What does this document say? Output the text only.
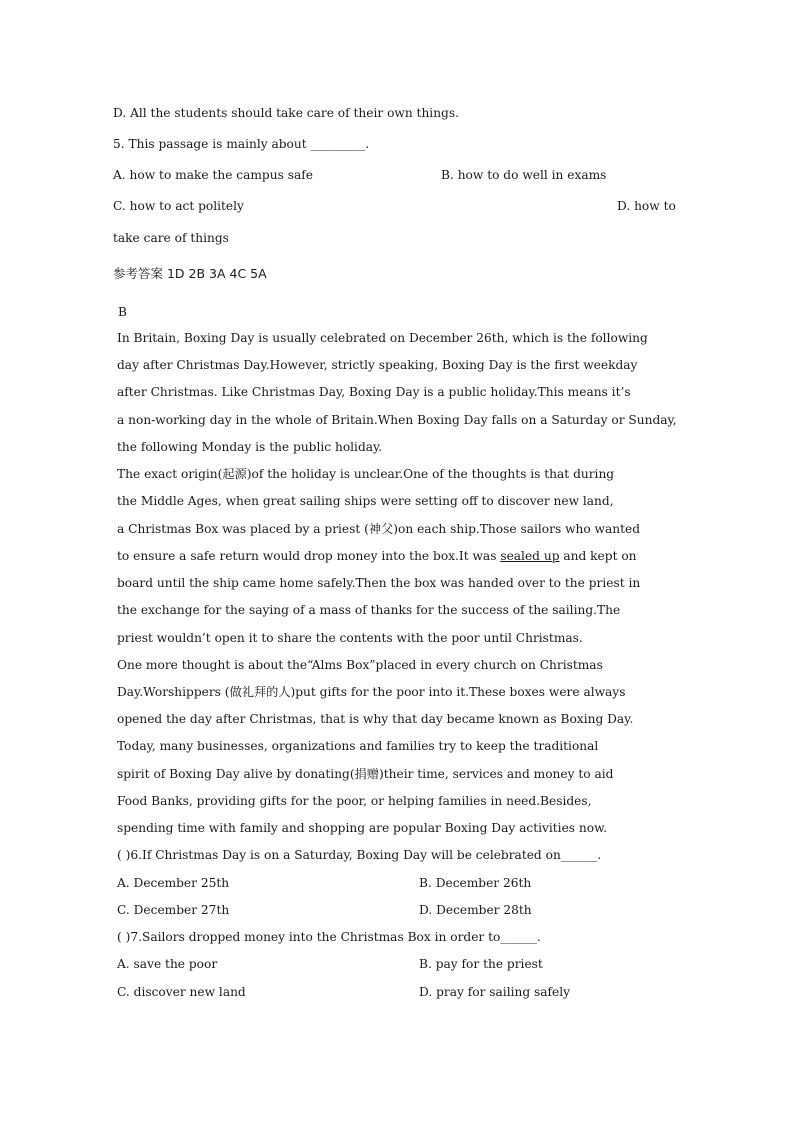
D. All the students should take care of their own things.
5. This passage is mainly about _________.
A. how to make the campus safe	B. how to do well in exams
C. how to act politely	D. how to
take care of things
参考答案 1D 2B 3A 4C 5A
B
In Britain, Boxing Day is usually celebrated on December 26th, which is the following
day after Christmas Day.However, strictly speaking, Boxing Day is the first weekday
after Christmas. Like Christmas Day, Boxing Day is a public holiday.This means it’s
a non-working day in the whole of Britain.When Boxing Day falls on a Saturday or Sunday,
the following Monday is the public holiday.
The exact origin(起源)of the holiday is unclear.One of the thoughts is that during
the Middle Ages, when great sailing ships were setting off to discover new land,
a Christmas Box was placed by a priest (神父)on each ship.Those sailors who wanted
to ensure a safe return would drop money into the box.It was sealed up and kept on
board until the ship came home safely.Then the box was handed over to the priest in
the exchange for the saying of a mass of thanks for the success of the sailing.The
priest wouldn’t open it to share the contents with the poor until Christmas.
One more thought is about the“Alms Box”placed in every church on Christmas
Day.Worshippers (做礼拜的人)put gifts for the poor into it.These boxes were always
opened the day after Christmas, that is why that day became known as Boxing Day.
Today, many businesses, organizations and families try to keep the traditional
spirit of Boxing Day alive by donating(捐赠)their time, services and money to aid
Food Banks, providing gifts for the poor, or helping families in need.Besides,
spending time with family and shopping are popular Boxing Day activities now.
( )6.If Christmas Day is on a Saturday, Boxing Day will be celebrated on______.
A. December 25th	B. December 26th
C. December 27th	D. December 28th
( )7.Sailors dropped money into the Christmas Box in order to______.
A. save the poor	B. pay for the priest
C. discover new land	D. pray for sailing safely
